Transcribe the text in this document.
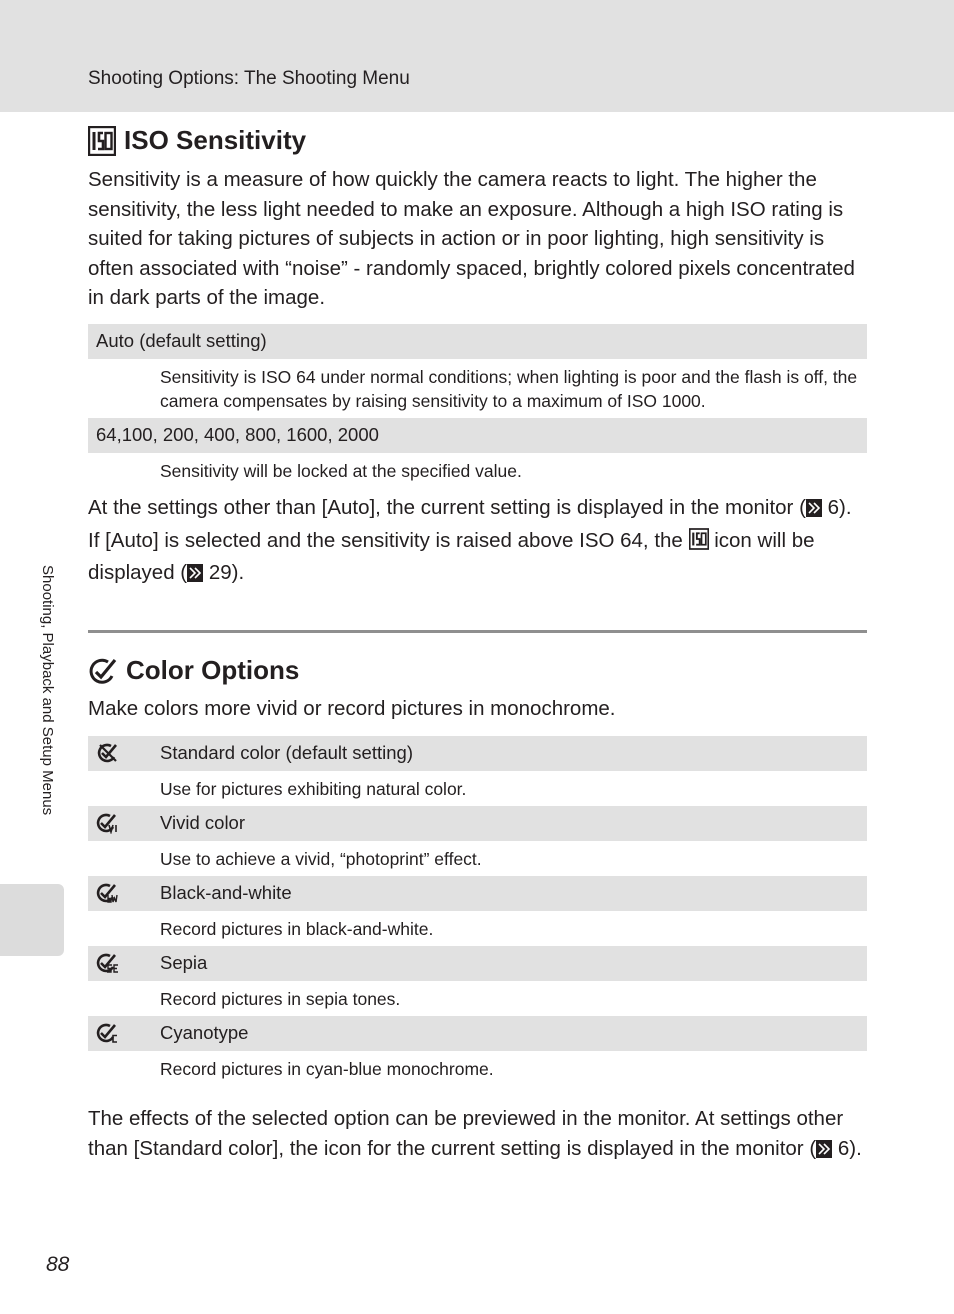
Shooting Options: The Shooting Menu
Shooting, Playback and Setup Menus
ISO Sensitivity

Sensitivity is a measure of how quickly the camera reacts to light. The higher the sensitivity, the less light needed to make an exposure. Although a high ISO rating is suited for taking pictures of subjects in action or in poor lighting, high sensitivity is often associated with “noise” - randomly spaced, brightly colored pixels concentrated in dark parts of the image.

Auto (default setting)

Sensitivity is ISO 64 under normal conditions; when lighting is poor and the flash is off, the camera compensates by raising sensitivity to a maximum of ISO 1000.

64,100, 200, 400, 800, 1600, 2000

Sensitivity will be locked at the specified value.

At the settings other than [Auto], the current setting is displayed in the monitor ( 6). If [Auto] is selected and the sensitivity is raised above ISO 64, the  icon will be displayed ( 29).

Color Options

Make colors more vivid or record pictures in monochrome.

Standard color (default setting)

Use for pictures exhibiting natural color.

Vivid color

Use to achieve a vivid, “photoprint” effect.

Black-and-white

Record pictures in black-and-white.

Sepia

Record pictures in sepia tones.

Cyanotype

Record pictures in cyan-blue monochrome.

The effects of the selected option can be previewed in the monitor. At settings other than [Standard color], the icon for the current setting is displayed in the monitor ( 6).

88
